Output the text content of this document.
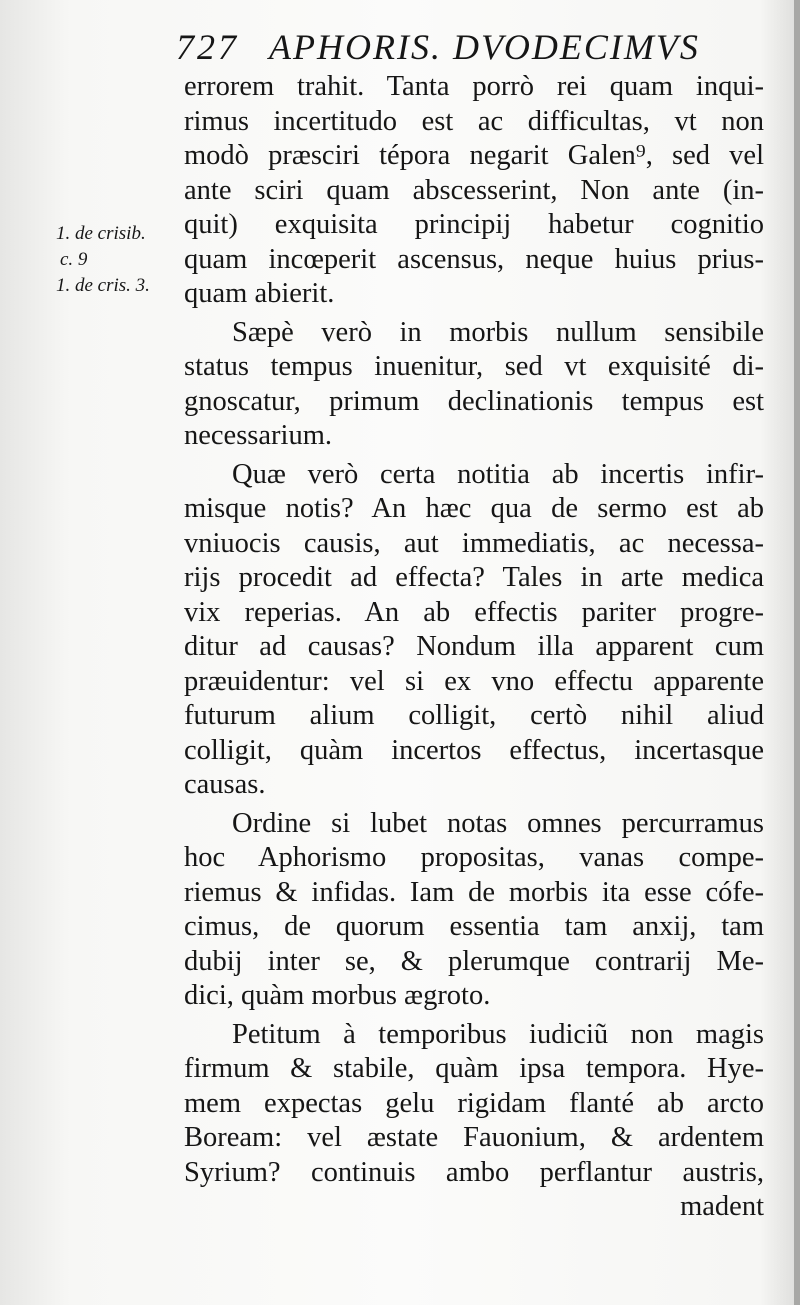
727 APHORIS. DVODECIMVS
1. de crisib.
c. 9
1. de cris. 3.
errorem trahit. Tanta porrò rei quam inqui-
rimus incertitudo est ac difficultas, vt non
modò præsciri tépora negarit Galen⁹, sed vel
ante sciri quam abscesserint, Non ante (in-
quit) exquisita principij habetur cognitio
quam incœperit ascensus, neque huius prius-
quam abierit.
Sæpè verò in morbis nullum sensibile
status tempus inuenitur, sed vt exquisité di-
gnoscatur, primum declinationis tempus est
necessarium.
Quæ verò certa notitia ab incertis infir-
misque notis? An hæc qua de sermo est ab
vniuocis causis, aut immediatis, ac necessa-
rijs procedit ad effecta? Tales in arte medica
vix reperias. An ab effectis pariter progre-
ditur ad causas? Nondum illa apparent cum
præuidentur: vel si ex vno effectu apparente
futurum alium colligit, certò nihil aliud
colligit, quàm incertos effectus, incertasque
causas.
Ordine si lubet notas omnes percurramus
hoc Aphorismo propositas, vanas compe-
riemus & infidas. Iam de morbis ita esse cófe-
cimus, de quorum essentia tam anxij, tam
dubij inter se, & plerumque contrarij Me-
dici, quàm morbus ægroto.
Petitum à temporibus iudiciũ non magis
firmum & stabile, quàm ipsa tempora. Hye-
mem expectas gelu rigidam flanté ab arcto
Boream: vel æstate Fauonium, & ardentem
Syrium? continuis ambo perflantur austris,
madent
